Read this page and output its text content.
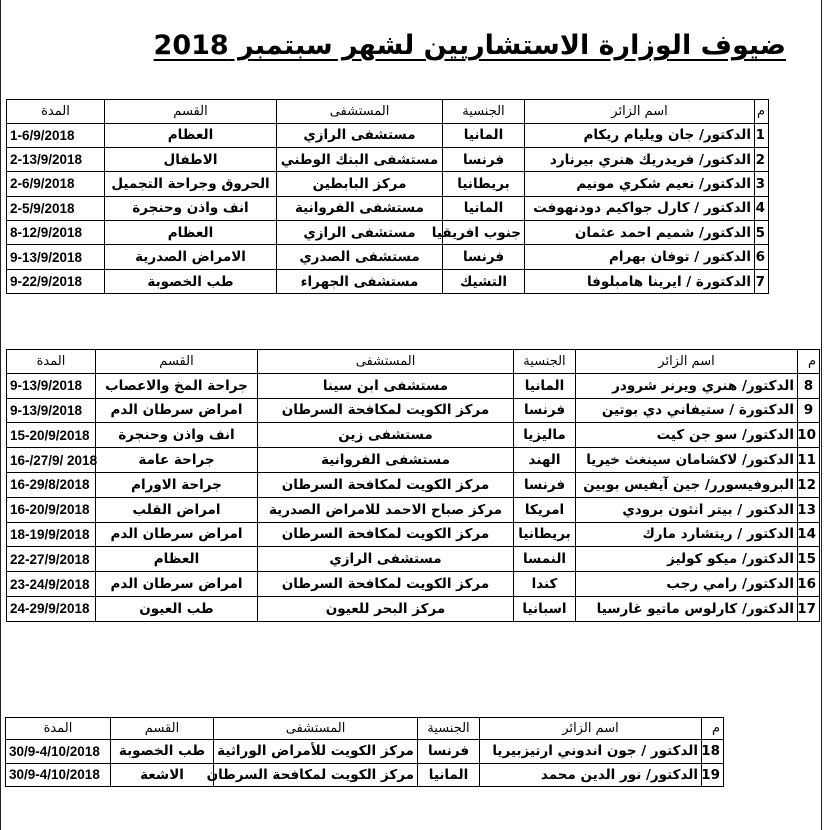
ضيوف الوزارة الاستشاريين لشهر سبتمبر 2018
م	اسم الزائر	الجنسية	المستشفى	القسم	المدة
1	الدكتور/ جان ويليام ريكام	المانيا	مستشفى الرازي	العظام	1-6/9/2018
2	الدكتور/ فريدريك هنري بيرنارد	فرنسا	مستشفى البنك الوطني	الاطفال	2-13/9/2018
3	الدكتور/ نعيم شكري مونيم	بريطانيا	مركز البابطين	الحروق وجراحة التجميل	2-6/9/2018
4	الدكتور / كارل جواكيم دودنهوفت	المانيا	مستشفى الفروانية	انف واذن وحنجرة	2-5/9/2018
5	الدكتور/ شميم احمد عثمان	جنوب افريقيا	مستشفى الرازي	العظام	8-12/9/2018
6	الدكتور / توفان بهرام	فرنسا	مستشفى الصدري	الامراض الصدرية	9-13/9/2018
7	الدكتورة / ايرينا هامبلوفا	التشيك	مستشفى الجهراء	طب الخصوبة	9-22/9/2018
م	اسم الزائر	الجنسية	المستشفى	القسم	المدة
8	الدكتور/ هنري ويرنر شرودر	المانيا	مستشفى ابن سينا	جراحة المخ والاعصاب	9-13/9/2018
9	الدكتورة / ستيفاني دي بوتين	فرنسا	مركز الكويت لمكافحة السرطان	امراض سرطان الدم	9-13/9/2018
10	الدكتور/ سو جن كيت	ماليزيا	مستشفى زين	انف واذن وحنجرة	15-20/9/2018
11	الدكتور/ لاكشامان سينغث خيريا	الهند	مستشفى الفروانية	جراحة عامة	16-/27/9/ 2018
12	البروفيسورر/ جين آيفيس بوبين	فرنسا	مركز الكويت لمكافحة السرطان	جراحة الاورام	16-29/8/2018
13	الدكتور / بيتر انثون برودي	امريكا	مركز صباح الاحمد للامراض الصدرية	امراض القلب	16-20/9/2018
14	الدكتور / ريتشارد مارك	بريطانيا	مركز الكويت لمكافحة السرطان	امراض سرطان الدم	18-19/9/2018
15	الدكتور/ ميكو كوليز	النمسا	مستشفى الرازي	العظام	22-27/9/2018
16	الدكتور/ رامي رجب	كندا	مركز الكويت لمكافحة السرطان	امراض سرطان الدم	23-24/9/2018
17	الدكتور/ كارلوس ماتيو غارسيا	اسبانيا	مركز البحر للعيون	طب العيون	24-29/9/2018
م	اسم الزائر	الجنسية	المستشفى	القسم	المدة
18	الدكتور / جون اندوني ارتيزبيريا	فرنسا	مركز الكويت للأمراض الوراثية	طب الخصوبة	30/9-4/10/2018
19	الدكتور/ نور الدين محمد	المانيا	مركز الكويت لمكافحة السرطان	الاشعة	30/9-4/10/2018
